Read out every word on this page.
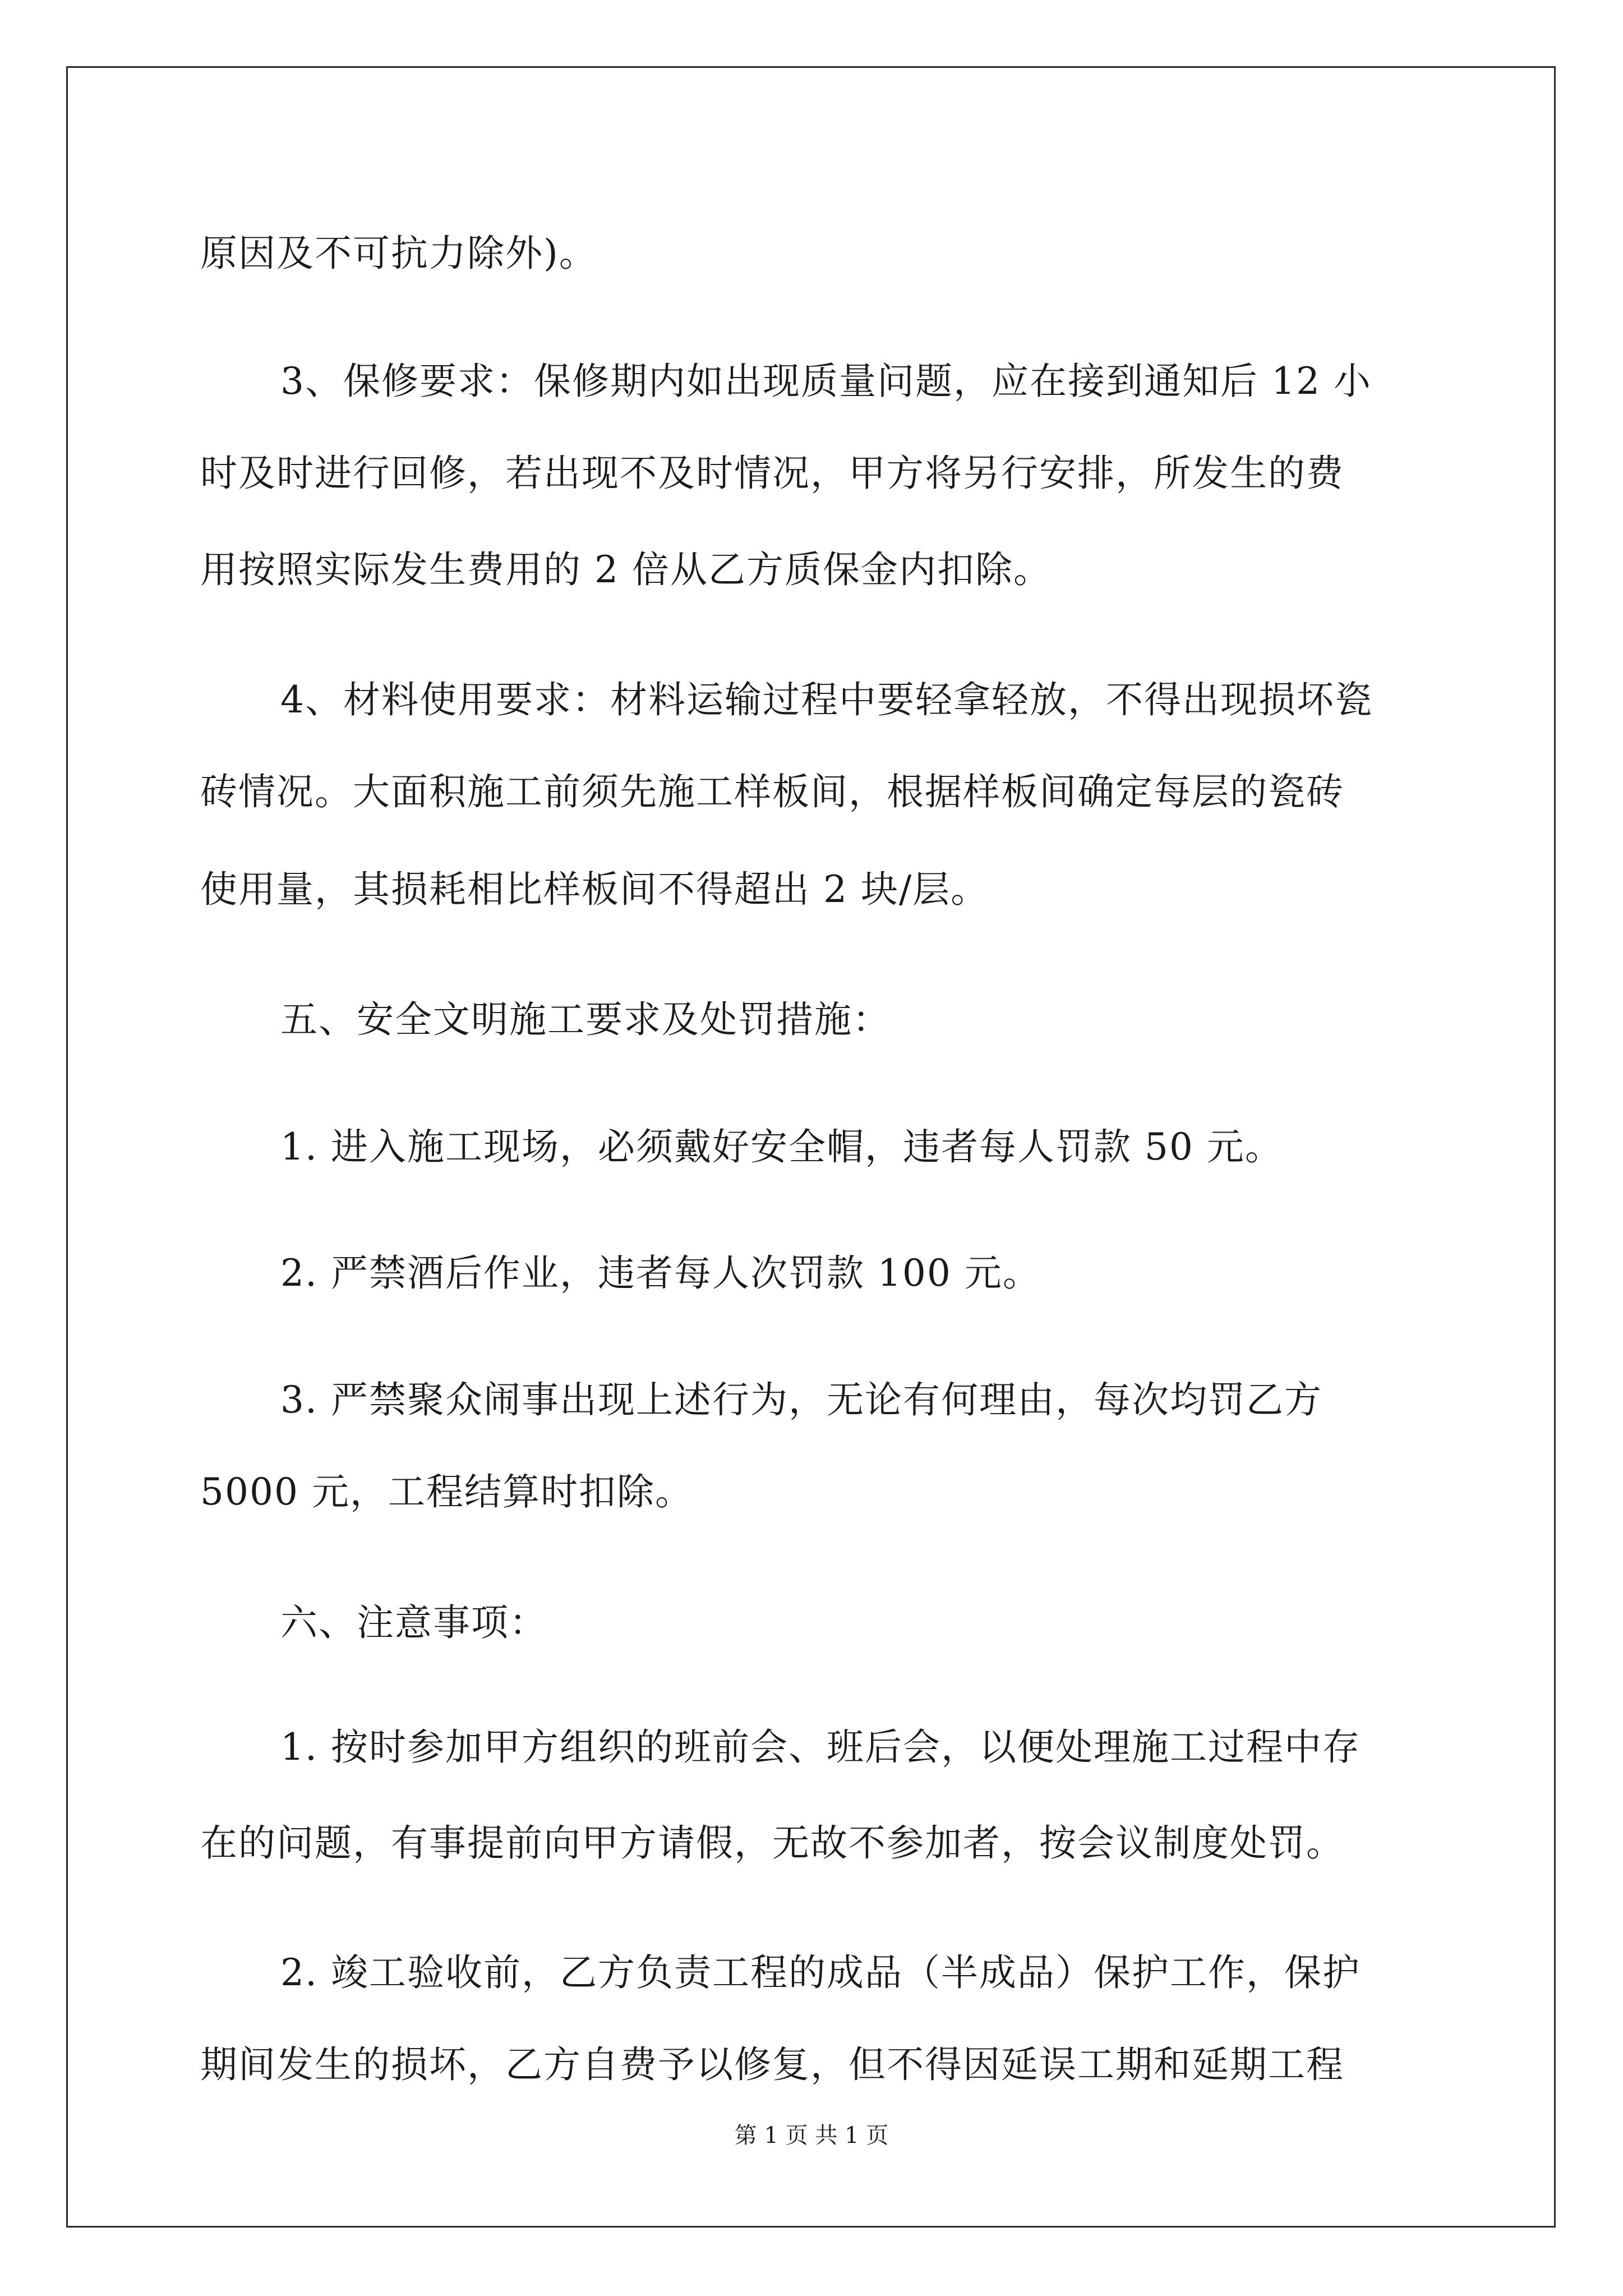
原因及不可抗力除外)。
3、保修要求：保修期内如出现质量问题，应在接到通知后 12 小
时及时进行回修，若出现不及时情况，甲方将另行安排，所发生的费
用按照实际发生费用的 2 倍从乙方质保金内扣除。
4、材料使用要求：材料运输过程中要轻拿轻放，不得出现损坏瓷
砖情况。大面积施工前须先施工样板间，根据样板间确定每层的瓷砖
使用量，其损耗相比样板间不得超出 2 块/层。
五、安全文明施工要求及处罚措施：
1. 进入施工现场，必须戴好安全帽，违者每人罚款 50 元。
2. 严禁酒后作业，违者每人次罚款 100 元。
3. 严禁聚众闹事出现上述行为，无论有何理由，每次均罚乙方
5000 元，工程结算时扣除。
六、注意事项：
1. 按时参加甲方组织的班前会、班后会，以便处理施工过程中存
在的问题，有事提前向甲方请假，无故不参加者，按会议制度处罚。
2. 竣工验收前，乙方负责工程的成品（半成品）保护工作，保护
期间发生的损坏，乙方自费予以修复，但不得因延误工期和延期工程
第 1 页 共 1 页
